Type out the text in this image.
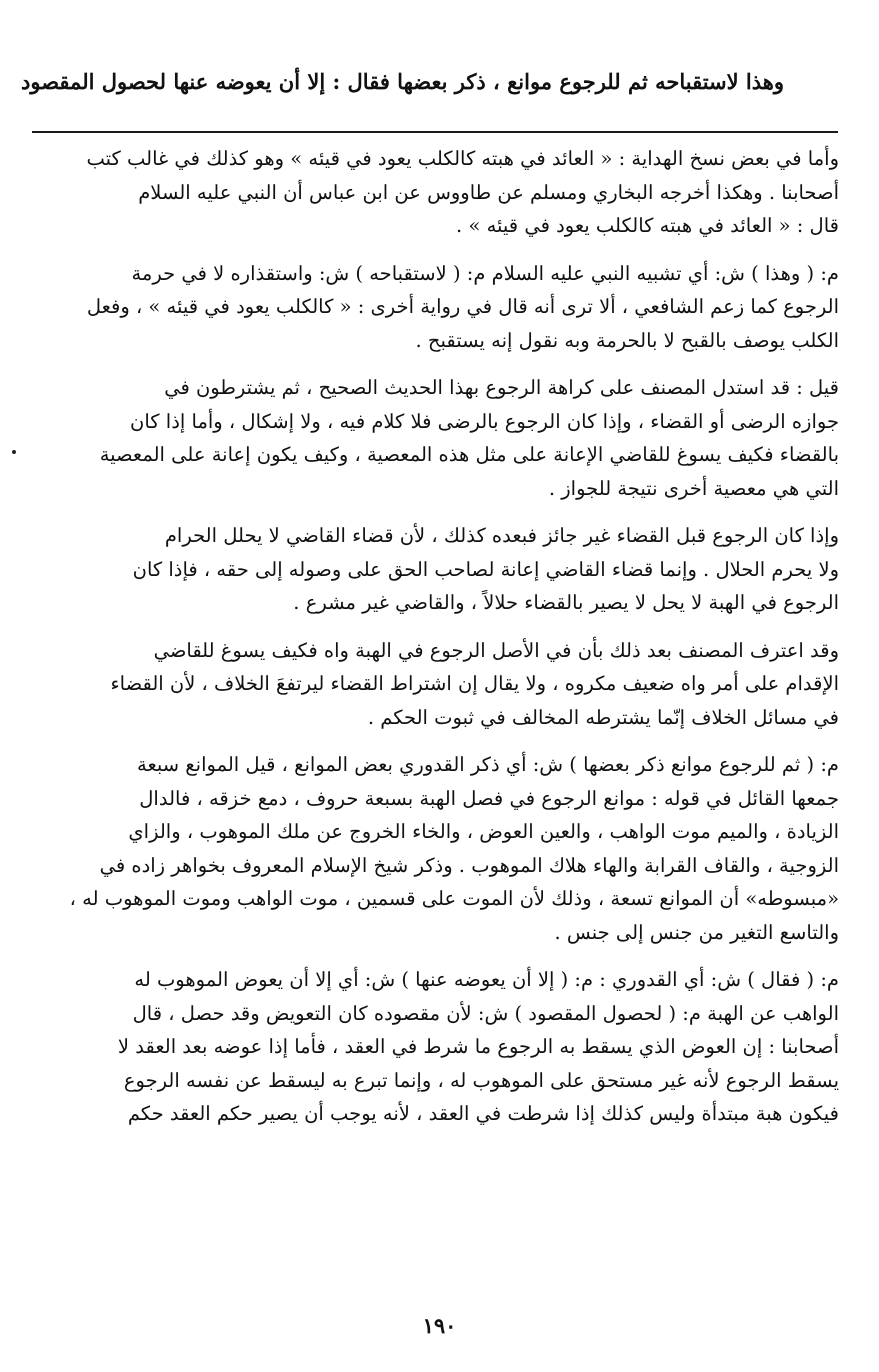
وهذا لاستقباحه ثم للرجوع موانع ، ذكر بعضها فقال : إلا أن يعوضه عنها لحصول المقصود

وأما في بعض نسخ الهداية : « العائد في هبته كالكلب يعود في قيئه » وهو كذلك في غالب كتب
أصحابنا . وهكذا أخرجه البخاري ومسلم عن طاووس عن ابن عباس أن النبي عليه السلام
قال : « العائد في هبته كالكلب يعود في قيئه » .

م: ( وهذا ) ش: أي تشبيه النبي عليه السلام م: ( لاستقباحه ) ش: واستقذاره لا في حرمة
الرجوع كما زعم الشافعي ، ألا ترى أنه قال في رواية أخرى : « كالكلب يعود في قيئه » ، وفعل
الكلب يوصف بالقبح لا بالحرمة وبه نقول إنه يستقبح .

قيل : قد استدل المصنف على كراهة الرجوع بهذا الحديث الصحيح ، ثم يشترطون في
جوازه الرضى أو القضاء ، وإذا كان الرجوع بالرضى فلا كلام فيه ، ولا إشكال ، وأما إذا كان
بالقضاء فكيف يسوغ للقاضي الإعانة على مثل هذه المعصية ، وكيف يكون إعانة على المعصية
التي هي معصية أخرى نتيجة للجواز .

وإذا كان الرجوع قبل القضاء غير جائز فبعده كذلك ، لأن قضاء القاضي لا يحلل الحرام
ولا يحرم الحلال . وإنما قضاء القاضي إعانة لصاحب الحق على وصوله إلى حقه ، فإذا كان
الرجوع في الهبة لا يحل لا يصير بالقضاء حلالاً ، والقاضي غير مشرع .

وقد اعترف المصنف بعد ذلك بأن في الأصل الرجوع في الهبة واه فكيف يسوغ للقاضي
الإقدام على أمر واه ضعيف مكروه ، ولا يقال إن اشتراط القضاء ليرتفعَ الخلاف ، لأن القضاء
في مسائل الخلاف إنّما يشترطه المخالف في ثبوت الحكم .

م: ( ثم للرجوع موانع ذكر بعضها ) ش: أي ذكر القدوري بعض الموانع ، قيل الموانع سبعة
جمعها القائل في قوله : موانع الرجوع في فصل الهبة بسبعة حروف ، دمع خزقه ، فالدال
الزيادة ، والميم موت الواهب ، والعين العوض ، والخاء الخروج عن ملك الموهوب ، والزاي
الزوجية ، والقاف القرابة والهاء هلاك الموهوب . وذكر شيخ الإسلام المعروف بخواهر زاده في
«مبسوطه» أن الموانع تسعة ، وذلك لأن الموت على قسمين ، موت الواهب وموت الموهوب له ،
والتاسع التغير من جنس إلى جنس .

م: ( فقال ) ش: أي القدوري : م: ( إلا أن يعوضه عنها ) ش: أي إلا أن يعوض الموهوب له
الواهب عن الهبة م: ( لحصول المقصود ) ش: لأن مقصوده كان التعويض وقد حصل ، قال
أصحابنا : إن العوض الذي يسقط به الرجوع ما شرط في العقد ، فأما إذا عوضه بعد العقد لا
يسقط الرجوع لأنه غير مستحق على الموهوب له ، وإنما تبرع به ليسقط عن نفسه الرجوع
فيكون هبة مبتدأة وليس كذلك إذا شرطت في العقد ، لأنه يوجب أن يصير حكم العقد حكم

١٩٠
